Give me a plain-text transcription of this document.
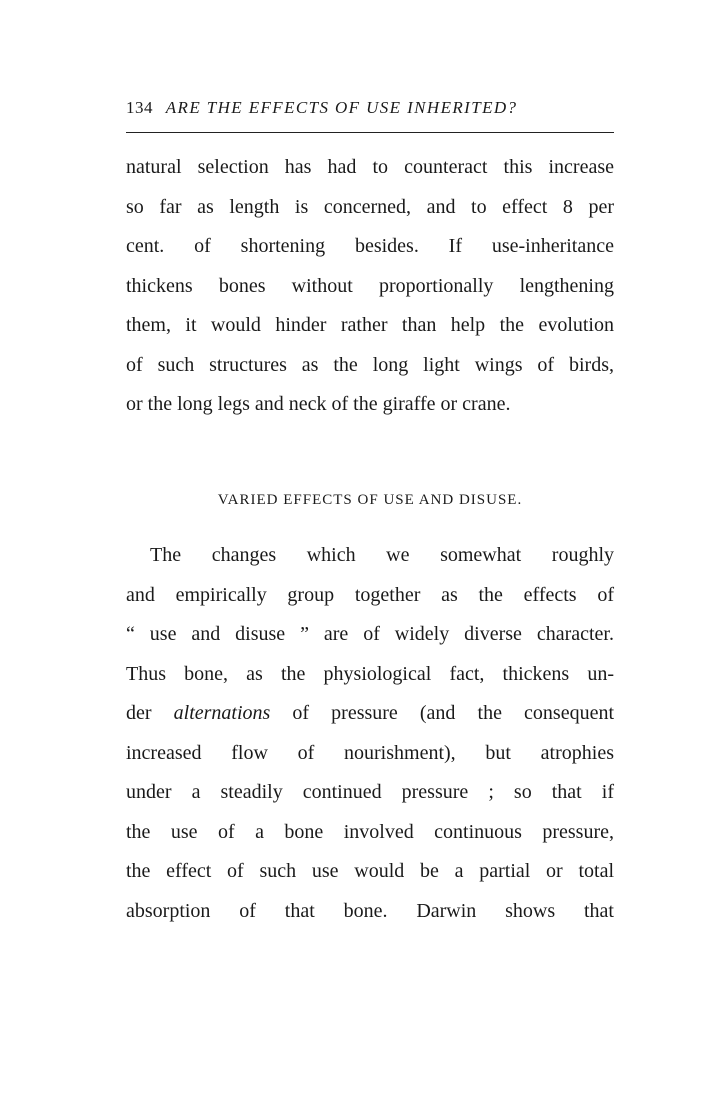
134 ARE THE EFFECTS OF USE INHERITED?
natural selection has had to counteract this increase
so far as length is concerned, and to effect 8 per
cent. of shortening besides. If use-inheritance
thickens bones without proportionally lengthening
them, it would hinder rather than help the evolution
of such structures as the long light wings of birds,
or the long legs and neck of the giraffe or crane.
VARIED EFFECTS OF USE AND DISUSE.
The changes which we somewhat roughly
and empirically group together as the effects of
“ use and disuse ” are of widely diverse character.
Thus bone, as the physiological fact, thickens un-
der alternations of pressure (and the consequent
increased flow of nourishment), but atrophies
under a steadily continued pressure ; so that if
the use of a bone involved continuous pressure,
the effect of such use would be a partial or total
absorption of that bone. Darwin shows that
